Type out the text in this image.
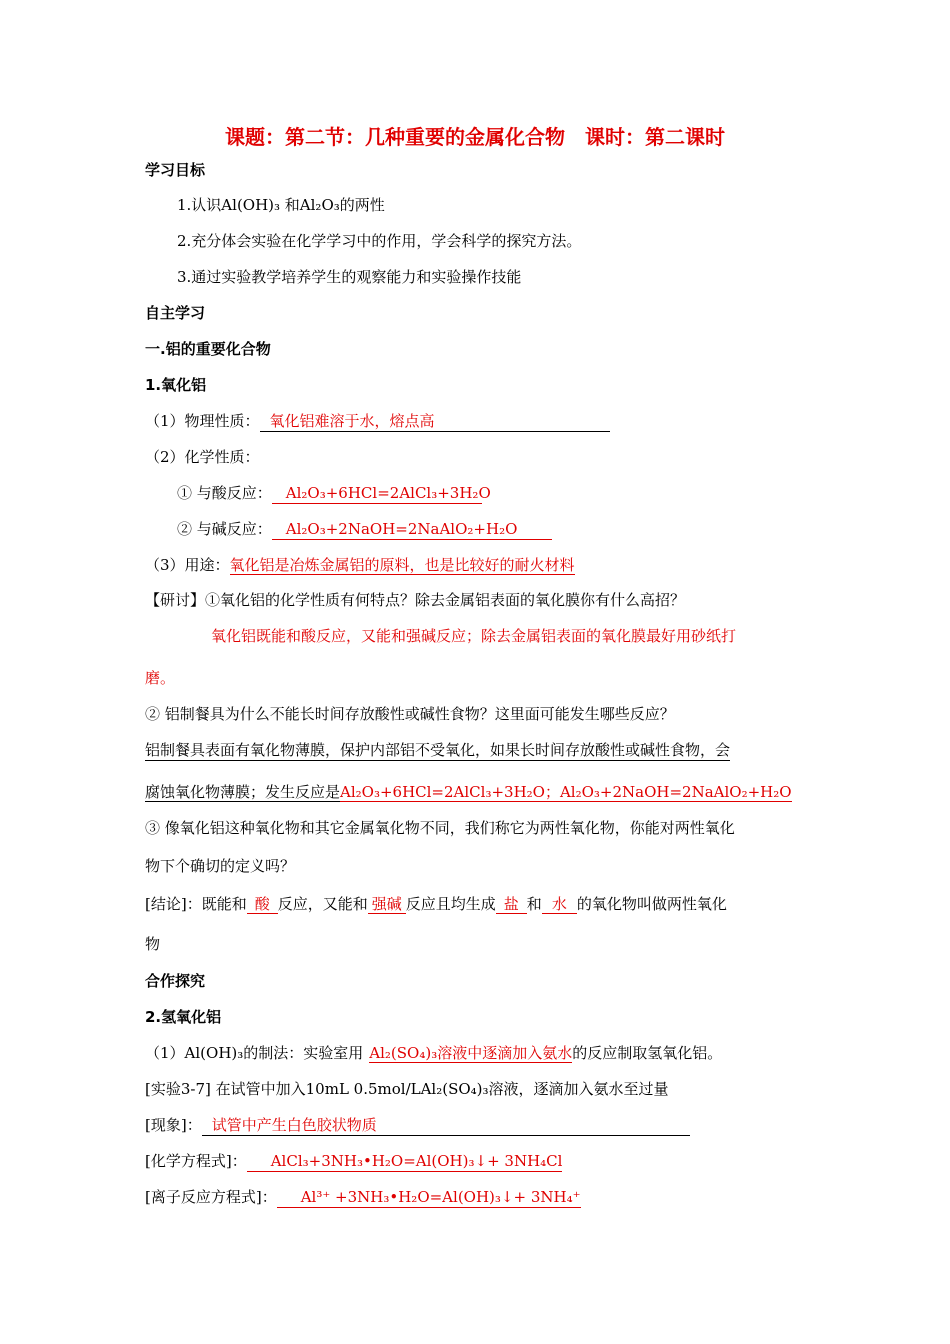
课题：第二节：几种重要的金属化合物　课时：第二课时
学习目标
1.认识Al(OH)₃ 和Al₂O₃的两性
2.充分体会实验在化学学习中的作用，学会科学的探究方法。
3.通过实验教学培养学生的观察能力和实验操作技能
自主学习
一.铝的重要化合物
1.氧化铝
（1）物理性质： 氧化铝难溶于水，熔点高
（2）化学性质：
① 与酸反应： Al₂O₃+6HCl=2AlCl₃+3H₂O
② 与碱反应： Al₂O₃+2NaOH=2NaAlO₂+H₂O
（3）用途：氧化铝是冶炼金属铝的原料，也是比较好的耐火材料
【研讨】①氧化铝的化学性质有何特点？除去金属铝表面的氧化膜你有什么高招？
氧化铝既能和酸反应，又能和强碱反应；除去金属铝表面的氧化膜最好用砂纸打
磨。
② 铝制餐具为什么不能长时间存放酸性或碱性食物？这里面可能发生哪些反应？
铝制餐具表面有氧化物薄膜，保护内部铝不受氧化，如果长时间存放酸性或碱性食物，会
腐蚀氧化物薄膜；发生反应是Al₂O₃+6HCl=2AlCl₃+3H₂O；Al₂O₃+2NaOH=2NaAlO₂+H₂O
③ 像氧化铝这种氧化物和其它金属氧化物不同，我们称它为两性氧化物，你能对两性氧化
物下个确切的定义吗？
[结论]：既能和 酸 反应，又能和 强碱 反应且均生成 盐 和 水 的氧化物叫做两性氧化
物
合作探究
2.氢氧化铝
（1）Al(OH)₃的制法：实验室用 Al₂(SO₄)₃溶液中逐滴加入氨水的反应制取氢氧化铝。
[实验3-7] 在试管中加入10mL 0.5mol/LAl₂(SO₄)₃溶液，逐滴加入氨水至过量
[现象]： 试管中产生白色胶状物质
[化学方程式]： AlCl₃+3NH₃•H₂O=Al(OH)₃↓+ 3NH₄Cl
[离子反应方程式]： Al³⁺ +3NH₃•H₂O=Al(OH)₃↓+ 3NH₄⁺
